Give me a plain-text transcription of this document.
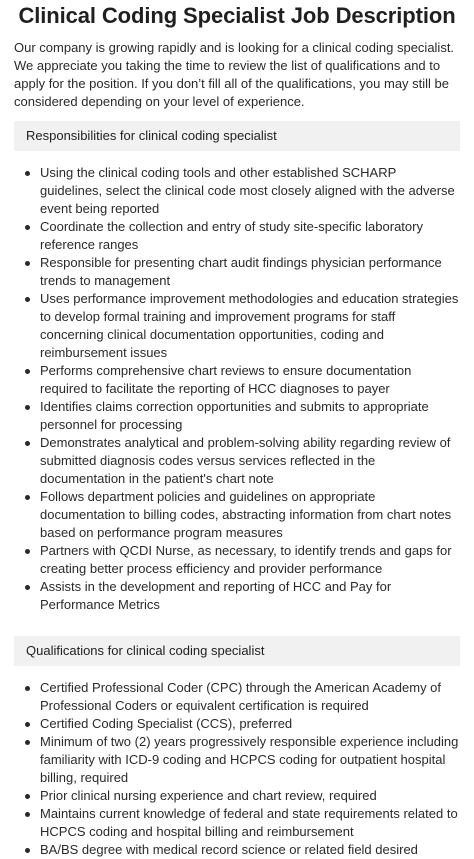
Clinical Coding Specialist Job Description

Our company is growing rapidly and is looking for a clinical coding specialist. We appreciate you taking the time to review the list of qualifications and to apply for the position. If you don’t fill all of the qualifications, you may still be considered depending on your level of experience.

Responsibilities for clinical coding specialist
Using the clinical coding tools and other established SCHARP guidelines, select the clinical code most closely aligned with the adverse event being reported
Coordinate the collection and entry of study site-specific laboratory reference ranges
Responsible for presenting chart audit findings physician performance trends to management
Uses performance improvement methodologies and education strategies to develop formal training and improvement programs for staff concerning clinical documentation opportunities, coding and reimbursement issues
Performs comprehensive chart reviews to ensure documentation required to facilitate the reporting of HCC diagnoses to payer
Identifies claims correction opportunities and submits to appropriate personnel for processing
Demonstrates analytical and problem-solving ability regarding review of submitted diagnosis codes versus services reflected in the documentation in the patient's chart note
Follows department policies and guidelines on appropriate documentation to billing codes, abstracting information from chart notes based on performance program measures
Partners with QCDI Nurse, as necessary, to identify trends and gaps for creating better process efficiency and provider performance
Assists in the development and reporting of HCC and Pay for Performance Metrics
Qualifications for clinical coding specialist
Certified Professional Coder (CPC) through the American Academy of Professional Coders or equivalent certification is required
Certified Coding Specialist (CCS), preferred
Minimum of two (2) years progressively responsible experience including familiarity with ICD-9 coding and HCPCS coding for outpatient hospital billing, required
Prior clinical nursing experience and chart review, required
Maintains current knowledge of federal and state requirements related to HCPCS coding and hospital billing and reimbursement
BA/BS degree with medical record science or related field desired
